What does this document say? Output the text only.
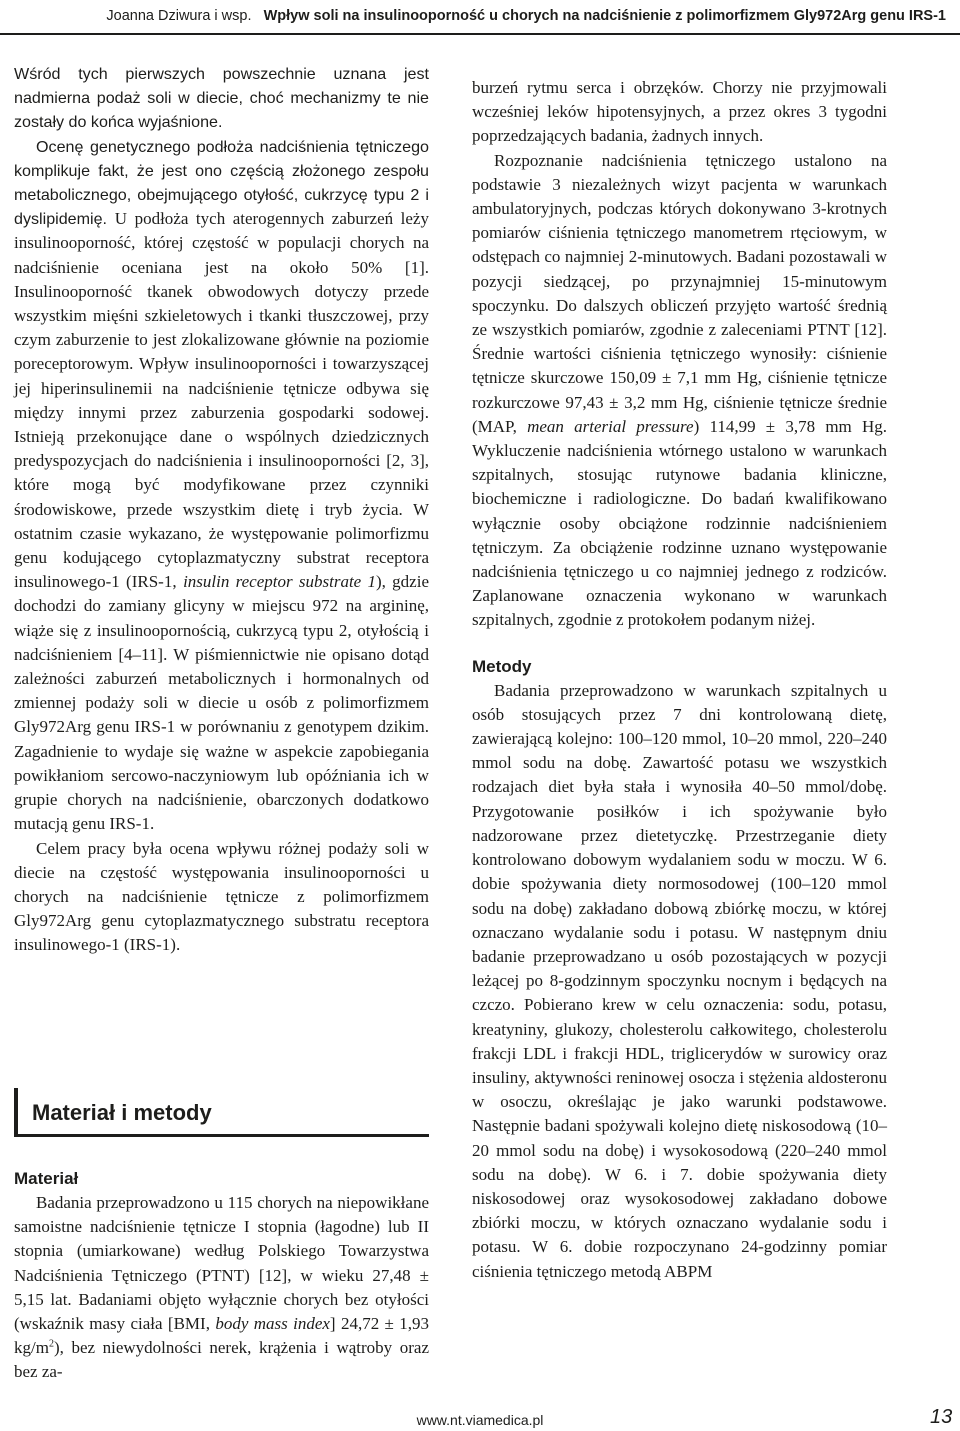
Joanna Dziwura i wsp. Wpływ soli na insulinooporność u chorych na nadciśnienie z polimorfizmem Gly972Arg genu IRS-1

Wśród tych pierwszych powszechnie uznana jest nadmierna podaż soli w diecie, choć mechanizmy te nie zostały do końca wyjaśnione.

Ocenę genetycznego podłoża nadciśnienia tętniczego komplikuje fakt, że jest ono częścią złożonego zespołu metabolicznego, obejmującego otyłość, cukrzycę typu 2 i dyslipidemię. U podłoża tych aterogennych zaburzeń leży insulinooporność, której częstość w populacji chorych na nadciśnienie oceniana jest na około 50% [1]. Insulinooporność tkanek obwodowych dotyczy przede wszystkim mięśni szkieletowych i tkanki tłuszczowej, przy czym zaburzenie to jest zlokalizowane głównie na poziomie poreceptorowym. Wpływ insulinooporności i towarzyszącej jej hiperinsulinemii na nadciśnienie tętnicze odbywa się między innymi przez zaburzenia gospodarki sodowej. Istnieją przekonujące dane o wspólnych dziedzicznych predyspozycjach do nadciśnienia i insulinooporności [2, 3], które mogą być modyfikowane przez czynniki środowiskowe, przede wszystkim dietę i tryb życia. W ostatnim czasie wykazano, że występowanie polimorfizmu genu kodującego cytoplazmatyczny substrat receptora insulinowego-1 (IRS-1, insulin receptor substrate 1), gdzie dochodzi do zamiany glicyny w miejscu 972 na argininę, wiąże się z insulinoopornością, cukrzycą typu 2, otyłością i nadciśnieniem [4–11]. W piśmiennictwie nie opisano dotąd zależności zaburzeń metabolicznych i hormonalnych od zmiennej podaży soli w diecie u osób z polimorfizmem Gly972Arg genu IRS-1 w porównaniu z genotypem dzikim. Zagadnienie to wydaje się ważne w aspekcie zapobiegania powikłaniom sercowo-naczyniowym lub opóźniania ich w grupie chorych na nadciśnienie, obarczonych dodatkowo mutacją genu IRS-1.

Celem pracy była ocena wpływu różnej podaży soli w diecie na częstość występowania insulinooporności u chorych na nadciśnienie tętnicze z polimorfizmem Gly972Arg genu cytoplazmatycznego substratu receptora insulinowego-1 (IRS-1).

Materiał i metody

Materiał

Badania przeprowadzono u 115 chorych na niepowikłane samoistne nadciśnienie tętnicze I stopnia (łagodne) lub II stopnia (umiarkowane) według Polskiego Towarzystwa Nadciśnienia Tętniczego (PTNT) [12], w wieku 27,48 ± 5,15 lat. Badaniami objęto wyłącznie chorych bez otyłości (wskaźnik masy ciała [BMI, body mass index] 24,72 ± 1,93 $kg/m^2$), bez niewydolności nerek, krążenia i wątroby oraz bez za-

burzeń rytmu serca i obrzęków. Chorzy nie przyjmowali wcześniej leków hipotensyjnych, a przez okres 3 tygodni poprzedzających badania, żadnych innych.

Rozpoznanie nadciśnienia tętniczego ustalono na podstawie 3 niezależnych wizyt pacjenta w warunkach ambulatoryjnych, podczas których dokonywano 3-krotnych pomiarów ciśnienia tętniczego manometrem rtęciowym, w odstępach co najmniej 2-minutowych. Badani pozostawali w pozycji siedzącej, po przynajmniej 15-minutowym spoczynku. Do dalszych obliczeń przyjęto wartość średnią ze wszystkich pomiarów, zgodnie z zaleceniami PTNT [12]. Średnie wartości ciśnienia tętniczego wynosiły: ciśnienie tętnicze skurczowe 150,09 ± 7,1 mm Hg, ciśnienie tętnicze rozkurczowe 97,43 ± 3,2 mm Hg, ciśnienie tętnicze średnie (MAP, mean arterial pressure) 114,99 ± 3,78 mm Hg. Wykluczenie nadciśnienia wtórnego ustalono w warunkach szpitalnych, stosując rutynowe badania kliniczne, biochemiczne i radiologiczne. Do badań kwalifikowano wyłącznie osoby obciążone rodzinnie nadciśnieniem tętniczym. Za obciążenie rodzinne uznano występowanie nadciśnienia tętniczego u co najmniej jednego z rodziców. Zaplanowane oznaczenia wykonano w warunkach szpitalnych, zgodnie z protokołem podanym niżej.

Metody

Badania przeprowadzono w warunkach szpitalnych u osób stosujących przez 7 dni kontrolowaną dietę, zawierającą kolejno: 100–120 mmol, 10–20 mmol, 220–240 mmol sodu na dobę. Zawartość potasu we wszystkich rodzajach diet była stała i wynosiła 40–50 mmol/dobę. Przygotowanie posiłków i ich spożywanie było nadzorowane przez dietetyczkę. Przestrzeganie diety kontrolowano dobowym wydalaniem sodu w moczu. W 6. dobie spożywania diety normosodowej (100–120 mmol sodu na dobę) zakładano dobową zbiórkę moczu, w której oznaczano wydalanie sodu i potasu. W następnym dniu badanie przeprowadzano u osób pozostających w pozycji leżącej po 8-godzinnym spoczynku nocnym i będących na czczo. Pobierano krew w celu oznaczenia: sodu, potasu, kreatyniny, glukozy, cholesterolu całkowitego, cholesterolu frakcji LDL i frakcji HDL, triglicerydów w surowicy oraz insuliny, aktywności reninowej osocza i stężenia aldosteronu w osoczu, określając je jako warunki podstawowe. Następnie badani spożywali kolejno dietę niskosodową (10–20 mmol sodu na dobę) i wysokosodową (220–240 mmol sodu na dobę). W 6. i 7. dobie spożywania diety niskosodowej oraz wysokosodowej zakładano dobowe zbiórki moczu, w których oznaczano wydalanie sodu i potasu. W 6. dobie rozpoczynano 24-godzinny pomiar ciśnienia tętniczego metodą ABPM

www.nt.viamedica.pl	13
